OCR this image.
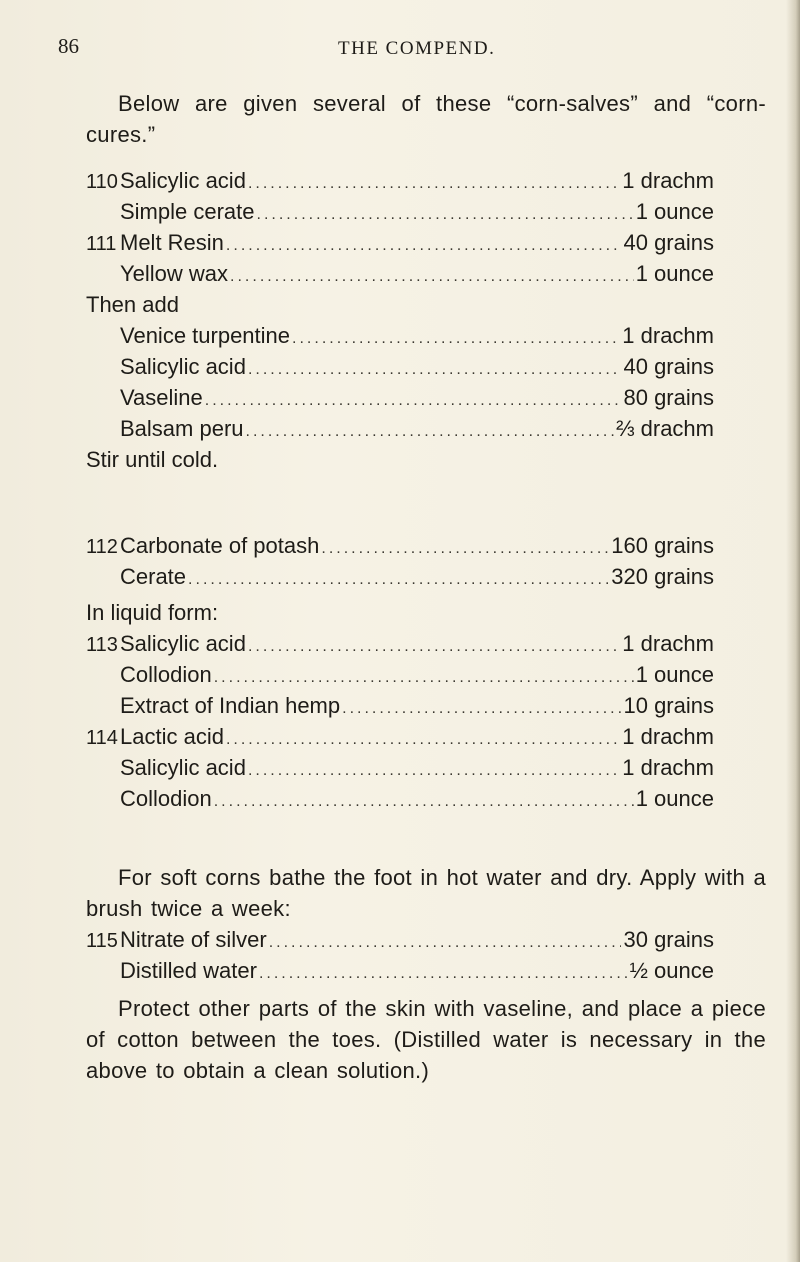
86	THE COMPEND.

Below are given several of these “corn-salves” and “corn-cures.”

110 Salicylic acid .....	1 drachm
Simple cerate .....	1 ounce
111 Melt Resin .....	40 grains
Yellow wax .....	1 ounce
Then add
Venice turpentine .....	1 drachm
Salicylic acid .....	40 grains
Vaseline .....	80 grains
Balsam peru .....	⅔ drachm
Stir until cold.
112 Carbonate of potash .....	160 grains
Cerate .....	320 grains
In liquid form:
113 Salicylic acid .....	1 drachm
Collodion .....	1 ounce
Extract of Indian hemp .....	10 grains
114 Lactic acid .....	1 drachm
Salicylic acid .....	1 drachm
Collodion .....	1 ounce

For soft corns bathe the foot in hot water and dry. Apply with a brush twice a week:

115 Nitrate of silver .....	30 grains
Distilled water .....	½ ounce

Protect other parts of the skin with vaseline, and place a piece of cotton between the toes. (Distilled water is necessary in the above to obtain a clean solution.)
